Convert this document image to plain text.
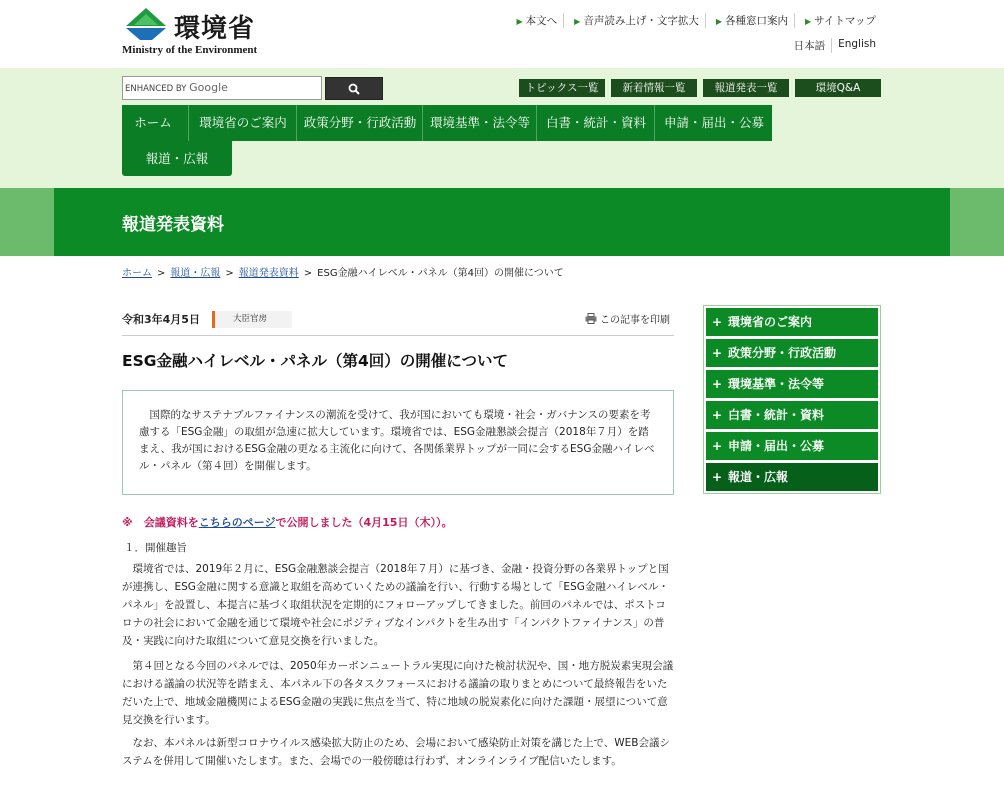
環境省
Ministry of the Environment
▶ 本文へ	▶ 音声読み上げ・文字拡大	▶ 各種窓口案内	▶ サイトマップ
日本語	English
ENHANCED BY Google	トピックス一覧	新着情報一覧	報道発表一覧	環境Q&A
ホーム	環境省のご案内	政策分野・行政活動	環境基準・法令等	白書・統計・資料	申請・届出・公募
報道・広報
報道発表資料
ホーム > 報道・広報 > 報道発表資料 > ESG金融ハイレベル・パネル（第4回）の開催について
令和3年4月5日	大臣官房	この記事を印刷
ESG金融ハイレベル・パネル（第4回）の開催について
国際的なサステナブルファイナンスの潮流を受けて、我が国においても環境・社会・ガバナンスの要素を考慮する「ESG金融」の取組が急速に拡大しています。環境省では、ESG金融懇談会提言（2018年７月）を踏まえ、我が国におけるESG金融の更なる主流化に向けて、各関係業界トップが一同に会するESG金融ハイレベル・パネル（第４回）を開催します。
※　会議資料をこちらのページで公開しました（4月15日（木））。
１．開催趣旨
環境省では、2019年２月に、ESG金融懇談会提言（2018年７月）に基づき、金融・投資分野の各業界トップと国が連携し、ESG金融に関する意識と取組を高めていくための議論を行い、行動する場として「ESG金融ハイレベル・パネル」を設置し、本提言に基づく取組状況を定期的にフォローアップしてきました。前回のパネルでは、ポストコロナの社会において金融を通じて環境や社会にポジティブなインパクトを生み出す「インパクトファイナンス」の普及・実践に向けた取組について意見交換を行いました。
第４回となる今回のパネルでは、2050年カーボンニュートラル実現に向けた検討状況や、国・地方脱炭素実現会議における議論の状況等を踏まえ、本パネル下の各タスクフォースにおける議論の取りまとめについて最終報告をいただいた上で、地域金融機関によるESG金融の実践に焦点を当て、特に地域の脱炭素化に向けた課題・展望について意見交換を行います。
なお、本パネルは新型コロナウイルス感染拡大防止のため、会場において感染防止対策を講じた上で、WEB会議システムを併用して開催いたします。また、会場での一般傍聴は行わず、オンラインライブ配信いたします。
+ 環境省のご案内
+ 政策分野・行政活動
+ 環境基準・法令等
+ 白書・統計・資料
+ 申請・届出・公募
+ 報道・広報
